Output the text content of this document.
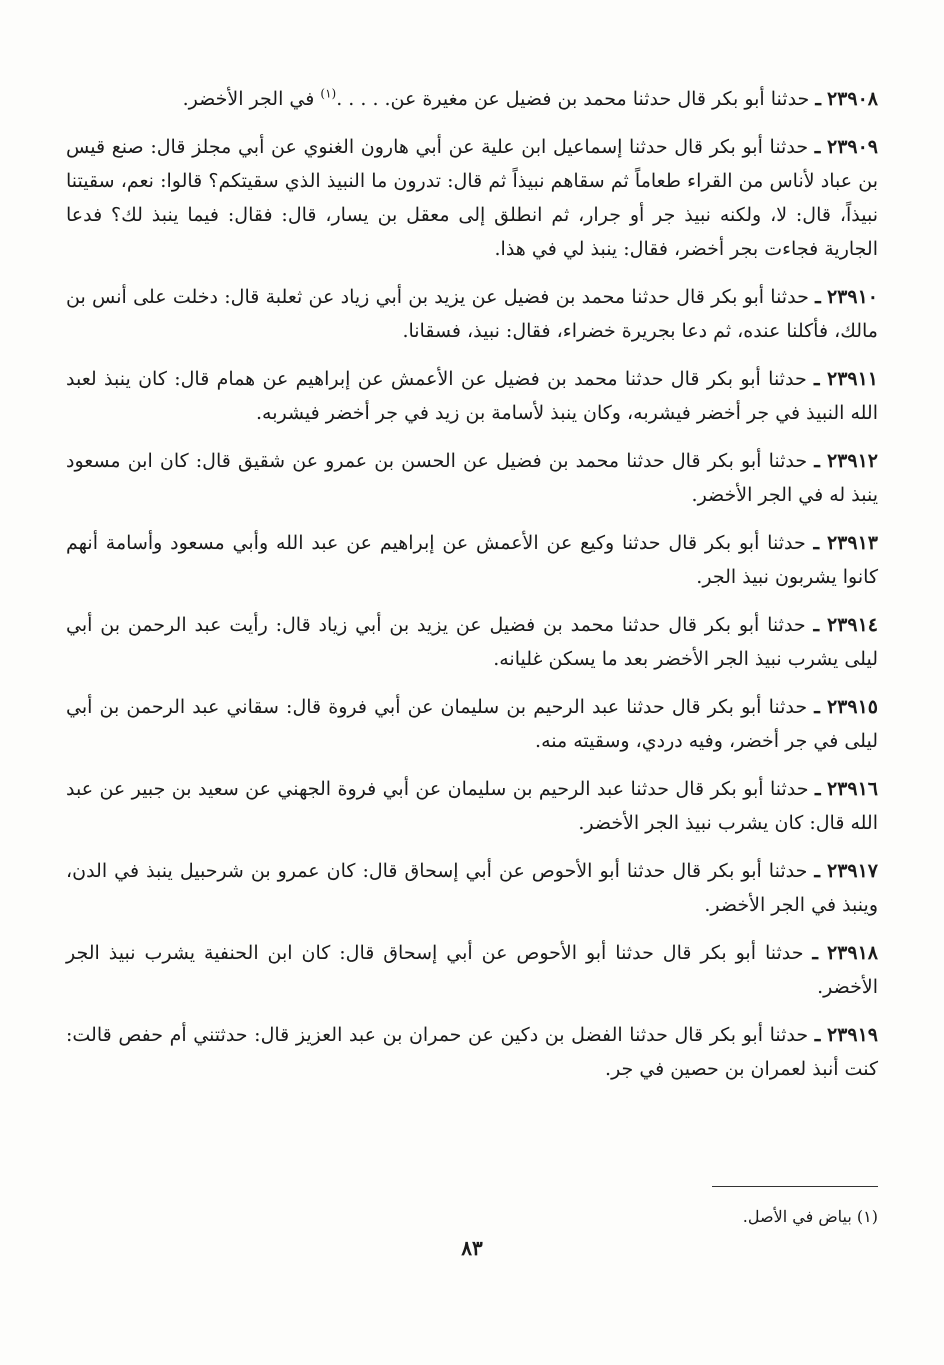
٢٣٩٠٨ ـ حدثنا أبو بكر قال حدثنا محمد بن فضيل عن مغيرة عن. . . . .$^{(١)}$ في الجر الأخضر.

٢٣٩٠٩ ـ حدثنا أبو بكر قال حدثنا إسماعيل ابن علية عن أبي هارون الغنوي عن أبي مجلز قال: صنع قيس بن عباد لأناس من القراء طعاماً ثم سقاهم نبيذاً ثم قال: تدرون ما النبيذ الذي سقيتكم؟ قالوا: نعم، سقيتنا نبيذاً، قال: لا، ولكنه نبيذ جر أو جرار، ثم انطلق إلى معقل بن يسار، قال: فقال: فيما ينبذ لك؟ فدعا الجارية فجاءت بجر أخضر، فقال: ينبذ لي في هذا.

٢٣٩١٠ ـ حدثنا أبو بكر قال حدثنا محمد بن فضيل عن يزيد بن أبي زياد عن ثعلبة قال: دخلت على أنس بن مالك، فأكلنا عنده، ثم دعا بجريرة خضراء، فقال: نبيذ، فسقانا.

٢٣٩١١ ـ حدثنا أبو بكر قال حدثنا محمد بن فضيل عن الأعمش عن إبراهيم عن همام قال: كان ينبذ لعبد الله النبيذ في جر أخضر فيشربه، وكان ينبذ لأسامة بن زيد في جر أخضر فيشربه.

٢٣٩١٢ ـ حدثنا أبو بكر قال حدثنا محمد بن فضيل عن الحسن بن عمرو عن شقيق قال: كان ابن مسعود ينبذ له في الجر الأخضر.

٢٣٩١٣ ـ حدثنا أبو بكر قال حدثنا وكيع عن الأعمش عن إبراهيم عن عبد الله وأبي مسعود وأسامة أنهم كانوا يشربون نبيذ الجر.

٢٣٩١٤ ـ حدثنا أبو بكر قال حدثنا محمد بن فضيل عن يزيد بن أبي زياد قال: رأيت عبد الرحمن بن أبي ليلى يشرب نبيذ الجر الأخضر بعد ما يسكن غليانه.

٢٣٩١٥ ـ حدثنا أبو بكر قال حدثنا عبد الرحيم بن سليمان عن أبي فروة قال: سقاني عبد الرحمن بن أبي ليلى في جر أخضر، وفيه دردي، وسقيته منه.

٢٣٩١٦ ـ حدثنا أبو بكر قال حدثنا عبد الرحيم بن سليمان عن أبي فروة الجهني عن سعيد بن جبير عن عبد الله قال: كان يشرب نبيذ الجر الأخضر.

٢٣٩١٧ ـ حدثنا أبو بكر قال حدثنا أبو الأحوص عن أبي إسحاق قال: كان عمرو بن شرحبيل ينبذ في الدن، وينبذ في الجر الأخضر.

٢٣٩١٨ ـ حدثنا أبو بكر قال حدثنا أبو الأحوص عن أبي إسحاق قال: كان ابن الحنفية يشرب نبيذ الجر الأخضر.

٢٣٩١٩ ـ حدثنا أبو بكر قال حدثنا الفضل بن دكين عن حمران بن عبد العزيز قال: حدثتني أم حفص قالت: كنت أنبذ لعمران بن حصين في جر.

(١) بياض في الأصل.
٨٣
